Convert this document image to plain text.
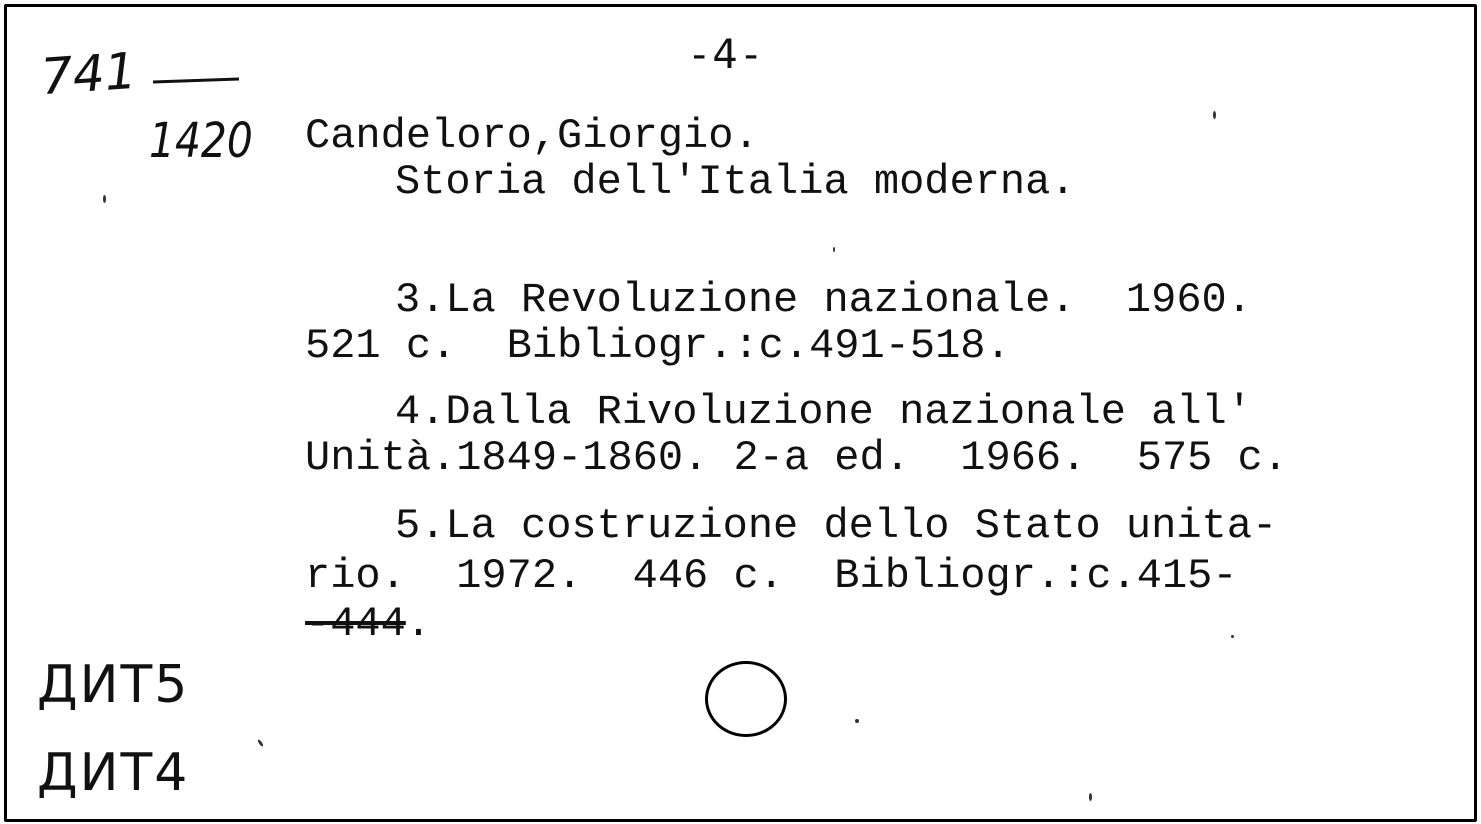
-4-
741
1420 Candeloro,Giorgio.
Storia dell'Italia moderna.
3.La Revoluzione nazionale.  1960.
521 c.  Bibliogr.:c.491-518.
4.Dalla Rivoluzione nazionale all'
Unità.1849-1860. 2-a ed.  1966.  575 c.
5.La costruzione dello Stato unita-
rio.  1972.  446 c.  Bibliogr.:c.415-
-444.
ДИТ5
ДИТ4
